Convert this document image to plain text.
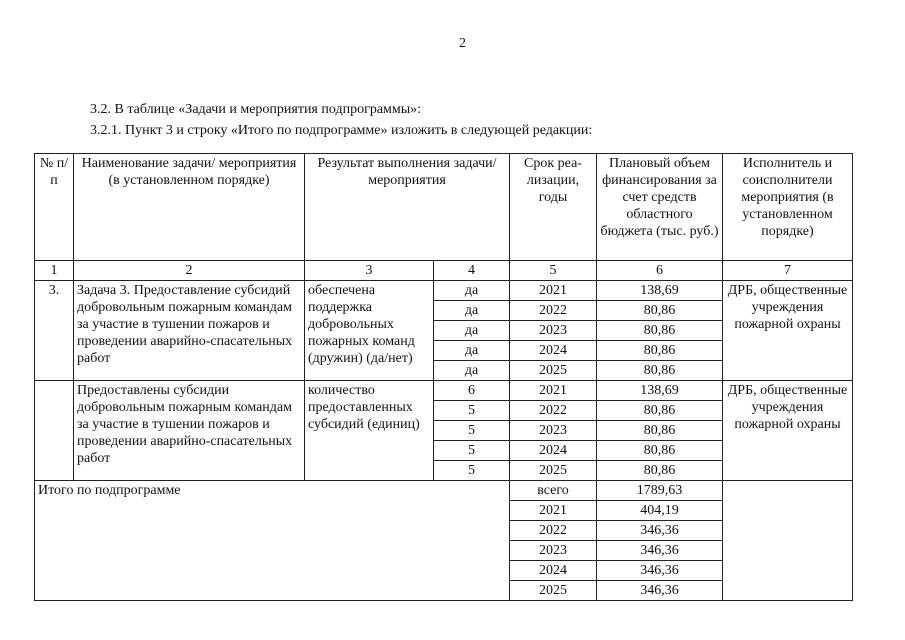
2
3.2. В таблице «Задачи и мероприятия подпрограммы»:
3.2.1. Пункт 3 и строку «Итого по подпрограмме» изложить в следующей редакции:
№ п/п	Наименование задачи/ мероприятия (в установленном порядке)	Результат выполнения задачи/ мероприятия		Срок реа-лизации, годы	Плановый объем финансирования за счет средств областного бюджета (тыс. руб.)	Исполнитель и соисполнители мероприятия (в установленном порядке)
1	2	3	4	5	6	7
3.	Задача 3. Предоставление субсидий добровольным пожарным командам за участие в тушении пожаров и проведении аварийно-спасательных работ	обеспечена поддержка добровольных пожарных команд (дружин) (да/нет)	да	2021	138,69	ДРБ, общественные учреждения пожарной охраны
			да	2022	80,86	
			да	2023	80,86	
			да	2024	80,86	
			да	2025	80,86	
	Предоставлены субсидии добровольным пожарным командам за участие в тушении пожаров и проведении аварийно-спасательных работ	количество предоставленных субсидий (единиц)	6	2021	138,69	ДРБ, общественные учреждения пожарной охраны
			5	2022	80,86	
			5	2023	80,86	
			5	2024	80,86	
			5	2025	80,86	
Итого по подпрограмме				всего	1789,63	
				2021	404,19	
				2022	346,36	
				2023	346,36	
				2024	346,36	
				2025	346,36	
